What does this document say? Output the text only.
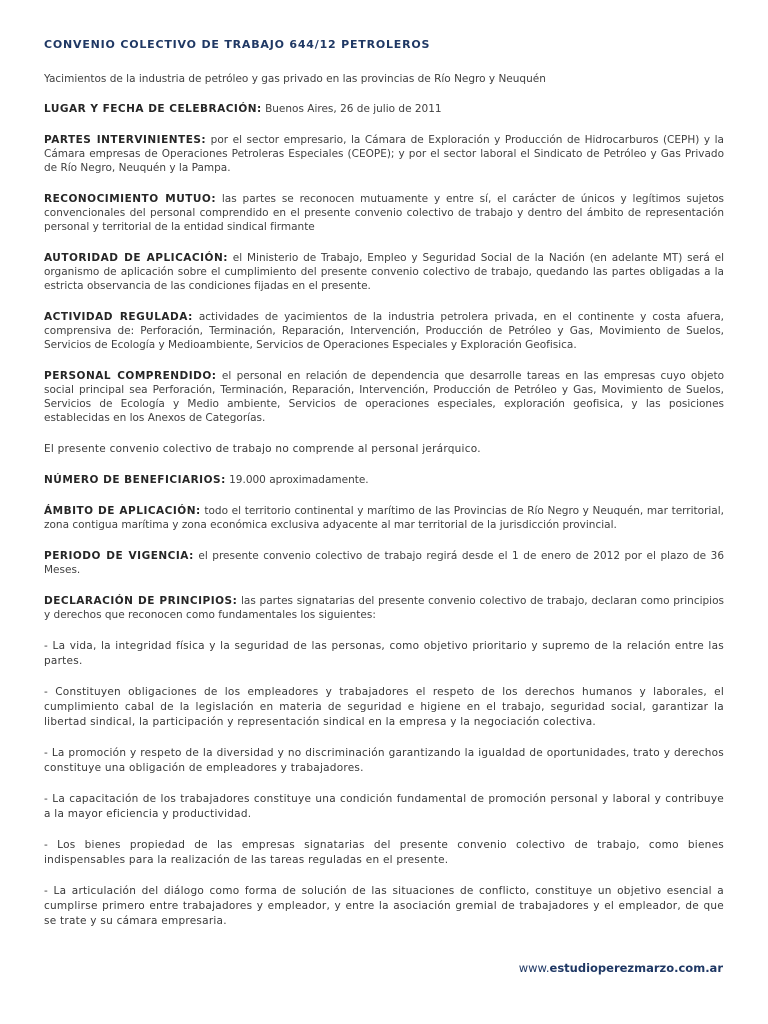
CONVENIO COLECTIVO DE TRABAJO 644/12 PETROLEROS

Yacimientos de la industria de petróleo y gas privado en las provincias de Río Negro y Neuquén

LUGAR Y FECHA DE CELEBRACIÓN: Buenos Aires, 26 de julio de 2011

PARTES INTERVINIENTES: por el sector empresario, la Cámara de Exploración y Producción de Hidrocarburos (CEPH) y la Cámara empresas de Operaciones Petroleras Especiales (CEOPE); y por el sector laboral el Sindicato de Petróleo y Gas Privado de Río Negro, Neuquén y la Pampa.

RECONOCIMIENTO MUTUO: las partes se reconocen mutuamente y entre sí, el carácter de únicos y legítimos sujetos convencionales del personal comprendido en el presente convenio colectivo de trabajo y dentro del ámbito de representación personal y territorial de la entidad sindical firmante

AUTORIDAD DE APLICACIÓN: el Ministerio de Trabajo, Empleo y Seguridad Social de la Nación (en adelante MT) será el organismo de aplicación sobre el cumplimiento del presente convenio colectivo de trabajo, quedando las partes obligadas a la estricta observancia de las condiciones fijadas en el presente.

ACTIVIDAD REGULADA: actividades de yacimientos de la industria petrolera privada, en el continente y costa afuera, comprensiva de: Perforación, Terminación, Reparación, Intervención, Producción de Petróleo y Gas, Movimiento de Suelos, Servicios de Ecología y Medioambiente, Servicios de Operaciones Especiales y Exploración Geofisica.

PERSONAL COMPRENDIDO: el personal en relación de dependencia que desarrolle tareas en las empresas cuyo objeto social principal sea Perforación, Terminación, Reparación, Intervención, Producción de Petróleo y Gas, Movimiento de Suelos, Servicios de Ecología y Medio ambiente, Servicios de operaciones especiales, exploración geofisica, y las posiciones establecidas en los Anexos de Categorías.

El presente convenio colectivo de trabajo no comprende al personal jerárquico.

NÚMERO DE BENEFICIARIOS: 19.000 aproximadamente.

ÁMBITO DE APLICACIÓN: todo el territorio continental y marítimo de las Provincias de Río Negro y Neuquén, mar territorial, zona contigua marítima y zona económica exclusiva adyacente al mar territorial de la jurisdicción provincial.

PERIODO DE VIGENCIA: el presente convenio colectivo de trabajo regirá desde el 1 de enero de 2012 por el plazo de 36 Meses.

DECLARACIÓN DE PRINCIPIOS: las partes signatarias del presente convenio colectivo de trabajo, declaran como principios y derechos que reconocen como fundamentales los siguientes:

- La vida, la integridad física y la seguridad de las personas, como objetivo prioritario y supremo de la relación entre las partes.

- Constituyen obligaciones de los empleadores y trabajadores el respeto de los derechos humanos y laborales, el cumplimiento cabal de la legislación en materia de seguridad e higiene en el trabajo, seguridad social, garantizar la libertad sindical, la participación y representación sindical en la empresa y la negociación colectiva.

- La promoción y respeto de la diversidad y no discriminación garantizando la igualdad de oportunidades, trato y derechos constituye una obligación de empleadores y trabajadores.

- La capacitación de los trabajadores constituye una condición fundamental de promoción personal y laboral y contribuye a la mayor eficiencia y productividad.

- Los bienes propiedad de las empresas signatarias del presente convenio colectivo de trabajo, como bienes indispensables para la realización de las tareas reguladas en el presente.

- La articulación del diálogo como forma de solución de las situaciones de conflicto, constituye un objetivo esencial a cumplirse primero entre trabajadores y empleador, y entre la asociación gremial de trabajadores y el empleador, de que se trate y su cámara empresaria.

www.estudioperezmarzo.com.ar
